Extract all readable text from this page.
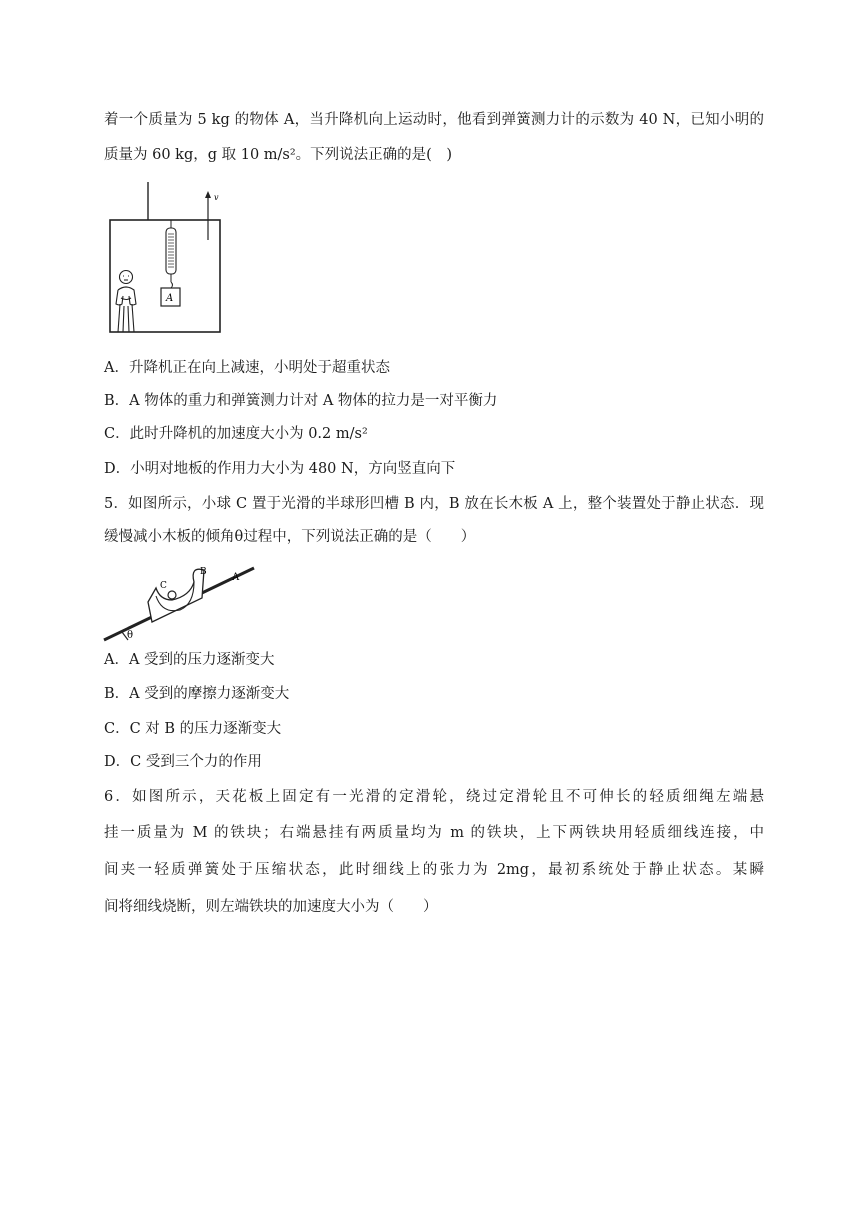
着一个质量为 5 kg 的物体 A，当升降机向上运动时，他看到弹簧测力计的示数为 40 N，已知小明的
质量为 60 kg，g 取 10 m/s²。下列说法正确的是(　)
v
A
A．升降机正在向上减速，小明处于超重状态
B．A 物体的重力和弹簧测力计对 A 物体的拉力是一对平衡力
C．此时升降机的加速度大小为 0.2 m/s²
D．小明对地板的作用力大小为 480 N，方向竖直向下
5．如图所示，小球 C 置于光滑的半球形凹槽 B 内，B 放在长木板 A 上，整个装置处于静止状态．现
缓慢减小木板的倾角θ过程中，下列说法正确的是（　　）
θ
C
B	A
A．A 受到的压力逐渐变大
B．A 受到的摩擦力逐渐变大
C．C 对 B 的压力逐渐变大
D．C 受到三个力的作用
6．如图所示，天花板上固定有一光滑的定滑轮，绕过定滑轮且不可伸长的轻质细绳左端悬
挂一质量为 M 的铁块；右端悬挂有两质量均为 m 的铁块，上下两铁块用轻质细线连接，中
间夹一轻质弹簧处于压缩状态，此时细线上的张力为 2mg，最初系统处于静止状态。某瞬
间将细线烧断，则左端铁块的加速度大小为（　　）
